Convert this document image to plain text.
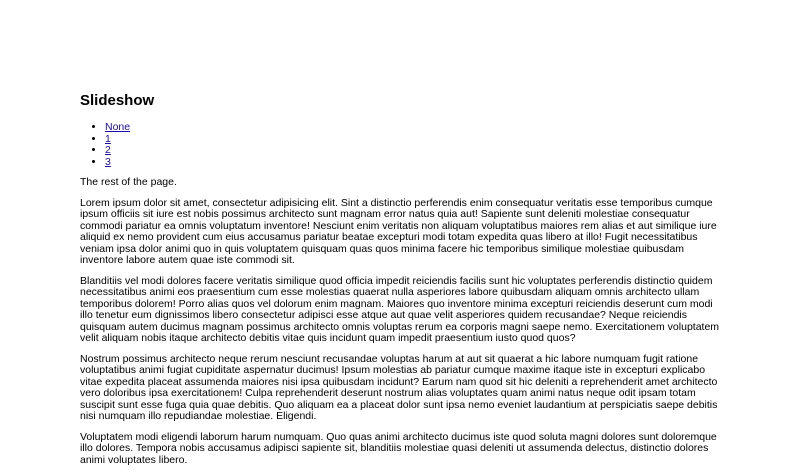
Slideshow
• None
• 1
• 2
• 3

The rest of the page.

Lorem ipsum dolor sit amet, consectetur adipisicing elit. Sint a distinctio perferendis enim consequatur veritatis esse temporibus cumque ipsum officiis sit iure est nobis possimus architecto sunt magnam error natus quia aut! Sapiente sunt deleniti molestiae consequatur commodi pariatur ea omnis voluptatum inventore! Nesciunt enim veritatis non aliquam voluptatibus maiores rem alias et aut similique iure aliquid ex nemo provident cum eius accusamus pariatur beatae excepturi modi totam expedita quas libero at illo! Fugit necessitatibus veniam ipsa dolor animi quo in quis voluptatem quisquam quas quos minima facere hic temporibus similique molestiae quibusdam inventore labore autem quae iste commodi sit.

Blanditiis vel modi dolores facere veritatis similique quod officia impedit reiciendis facilis sunt hic voluptates perferendis distinctio quidem necessitatibus animi eos praesentium cum esse molestias quaerat nulla asperiores labore quibusdam aliquam omnis architecto ullam temporibus dolorem! Porro alias quos vel dolorum enim magnam. Maiores quo inventore minima excepturi reiciendis deserunt cum modi illo tenetur eum dignissimos libero consectetur adipisci esse atque aut quae velit asperiores quidem recusandae? Neque reiciendis quisquam autem ducimus magnam possimus architecto omnis voluptas rerum ea corporis magni saepe nemo. Exercitationem voluptatem velit aliquam nobis itaque architecto debitis vitae quis incidunt quam impedit praesentium iusto quod quos?

Nostrum possimus architecto neque rerum nesciunt recusandae voluptas harum at aut sit quaerat a hic labore numquam fugit ratione voluptatibus animi fugiat cupiditate aspernatur ducimus! Ipsum molestias ab pariatur cumque maxime itaque iste in excepturi explicabo vitae expedita placeat assumenda maiores nisi ipsa quibusdam incidunt? Earum nam quod sit hic deleniti a reprehenderit amet architecto vero doloribus ipsa exercitationem! Culpa reprehenderit deserunt nostrum alias voluptates quam animi natus neque odit ipsam totam suscipit sunt esse fuga quia quae debitis. Quo aliquam ea a placeat dolor sunt ipsa nemo eveniet laudantium at perspiciatis saepe debitis nisi numquam illo repudiandae molestiae. Eligendi.

Voluptatem modi eligendi laborum harum numquam. Quo quas animi architecto ducimus iste quod soluta magni dolores sunt doloremque illo dolores. Tempora nobis accusamus adipisci sapiente sit, blanditiis molestiae quasi deleniti ut assumenda delectus, distinctio dolores animi voluptates libero.
